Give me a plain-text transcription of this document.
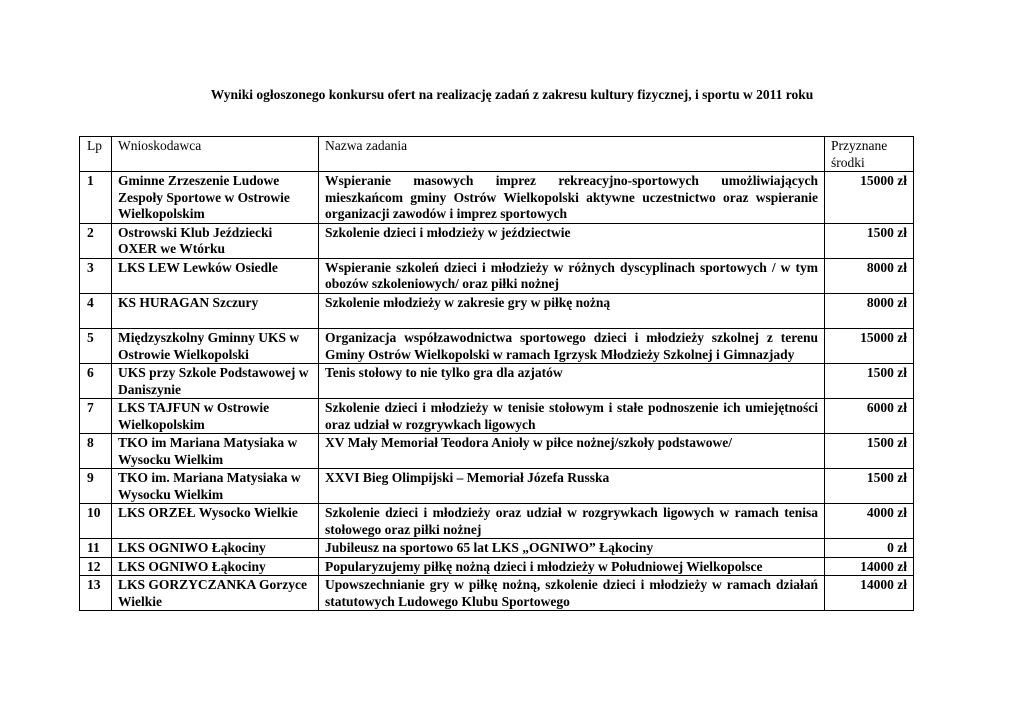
Wyniki ogłoszonego konkursu ofert na realizację zadań z zakresu kultury fizycznej, i sportu w 2011 roku
Lp	Wnioskodawca	Nazwa zadania	Przyznane środki
1	Gminne Zrzeszenie Ludowe Zespoły Sportowe w Ostrowie Wielkopolskim	Wspieranie masowych imprez rekreacyjno-sportowych umożliwiających mieszkańcom gminy Ostrów Wielkopolski aktywne uczestnictwo oraz wspieranie organizacji zawodów i imprez sportowych	15000 zł
2	Ostrowski Klub Jeździecki OXER we Wtórku	Szkolenie dzieci i młodzieży w jeździectwie	1500 zł
3	LKS LEW Lewków Osiedle	Wspieranie szkoleń dzieci i młodzieży w różnych dyscyplinach sportowych / w tym obozów szkoleniowych/ oraz piłki nożnej	8000 zł
4	KS HURAGAN Szczury	Szkolenie młodzieży w zakresie gry w piłkę nożną	8000 zł
5	Międzyszkolny Gminny UKS w Ostrowie Wielkopolski	Organizacja współzawodnictwa sportowego dzieci i młodzieży szkolnej z terenu Gminy Ostrów Wielkopolski w ramach Igrzysk Młodzieży Szkolnej i Gimnazjady	15000 zł
6	UKS przy Szkole Podstawowej w Daniszynie	Tenis stołowy to nie tylko gra dla azjatów	1500 zł
7	LKS TAJFUN w Ostrowie Wielkopolskim	Szkolenie dzieci i młodzieży w tenisie stołowym i stałe podnoszenie ich umiejętności oraz udział w rozgrywkach ligowych	6000 zł
8	TKO im Mariana Matysiaka w Wysocku Wielkim	XV Mały Memoriał Teodora Anioły w piłce nożnej/szkoły podstawowe/	1500 zł
9	TKO im. Mariana Matysiaka w Wysocku Wielkim	XXVI Bieg Olimpijski – Memoriał Józefa Russka	1500 zł
10	LKS ORZEŁ Wysocko Wielkie	Szkolenie dzieci i młodzieży oraz udział w rozgrywkach ligowych w ramach tenisa stołowego oraz piłki nożnej	4000 zł
11	LKS OGNIWO Łąkociny	Jubileusz na sportowo 65 lat LKS „OGNIWO” Łąkociny	0 zł
12	LKS OGNIWO Łąkociny	Popularyzujemy piłkę nożną dzieci i młodzieży w Południowej Wielkopolsce	14000 zł
13	LKS GORZYCZANKA Gorzyce Wielkie	Upowszechnianie gry w piłkę nożną, szkolenie dzieci i młodzieży w ramach działań statutowych Ludowego Klubu Sportowego	14000 zł
